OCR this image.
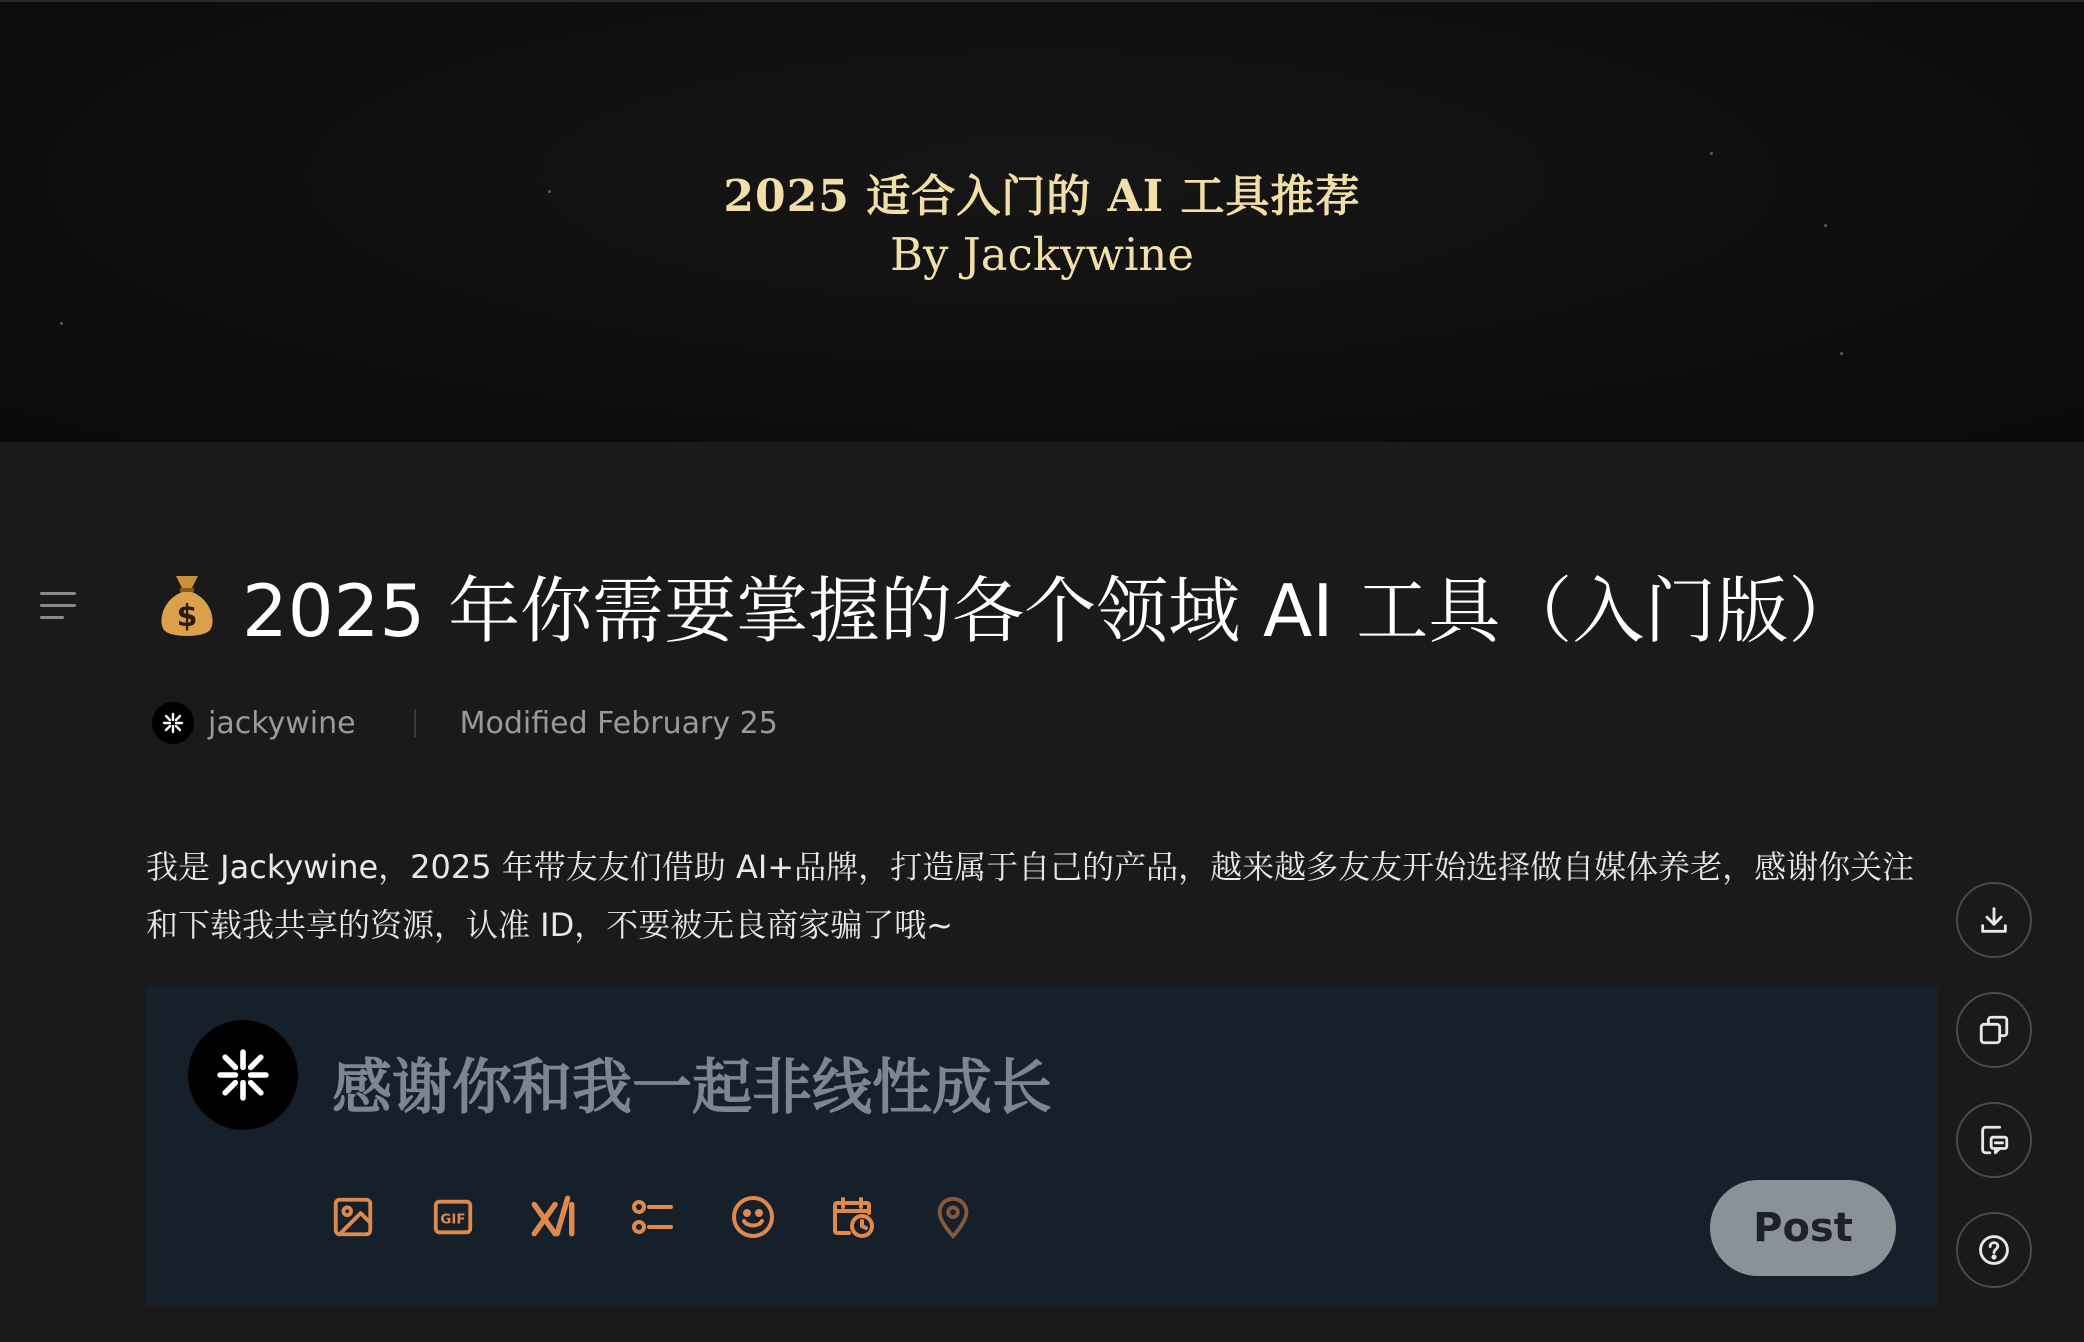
2025 适合入门的 AI 工具推荐
By Jackywine
$ 2025 年你需要掌握的各个领域 AI 工具（入门版）
jackywine	Modified February 25
我是 Jackywine，2025 年带友友们借助 AI+品牌，打造属于自己的产品，越来越多友友开始选择做自媒体养老，感谢你关注和下载我共享的资源，认准 ID，不要被无良商家骗了哦~
感谢你和我一起非线性成长
GIF	Post
